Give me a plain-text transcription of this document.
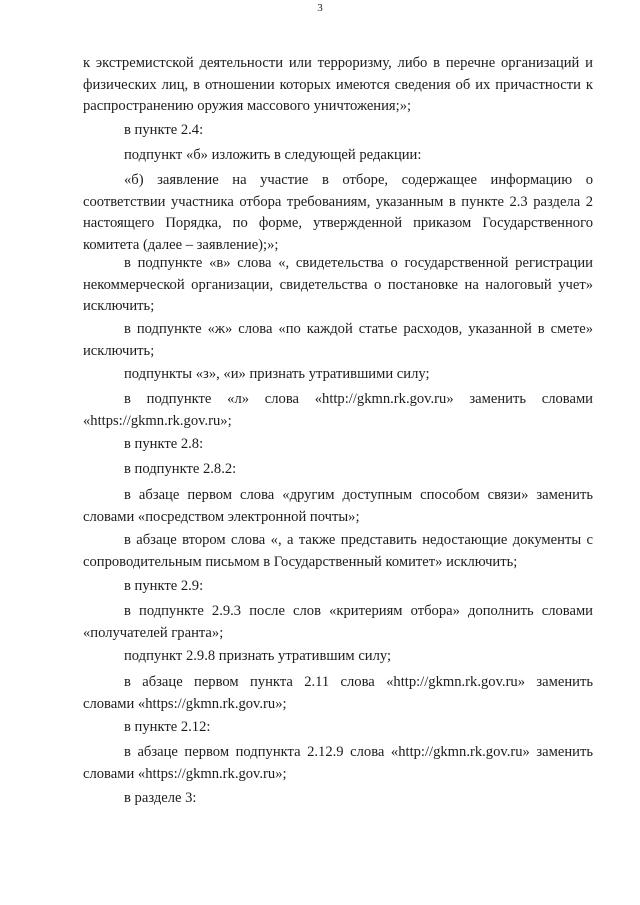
3

к экстремистской деятельности или терроризму, либо в перечне организаций и физических лиц, в отношении которых имеются сведения об их причастности к распространению оружия массового уничтожения;»;

в пункте 2.4:

подпункт «б» изложить в следующей редакции:

«б) заявление на участие в отборе, содержащее информацию о соответствии участника отбора требованиям, указанным в пункте 2.3 раздела 2 настоящего Порядка, по форме, утвержденной приказом Государственного комитета (далее – заявление);»;

в подпункте «в» слова «, свидетельства о государственной регистрации некоммерческой организации, свидетельства о постановке на налоговый учет» исключить;

в подпункте «ж» слова «по каждой статье расходов, указанной в смете» исключить;

подпункты «з», «и» признать утратившими силу;

в подпункте «л» слова «http://gkmn.rk.gov.ru» заменить словами «https://gkmn.rk.gov.ru»;

в пункте 2.8:

в подпункте 2.8.2:

в абзаце первом слова «другим доступным способом связи» заменить словами «посредством электронной почты»;

в абзаце втором слова «, а также представить недостающие документы с сопроводительным письмом в Государственный комитет» исключить;

в пункте 2.9:

в подпункте 2.9.3 после слов «критериям отбора» дополнить словами «получателей гранта»;

подпункт 2.9.8 признать утратившим силу;

в абзаце первом пункта 2.11 слова «http://gkmn.rk.gov.ru» заменить словами «https://gkmn.rk.gov.ru»;

в пункте 2.12:

в абзаце первом подпункта 2.12.9 слова «http://gkmn.rk.gov.ru» заменить словами «https://gkmn.rk.gov.ru»;

в разделе 3:
